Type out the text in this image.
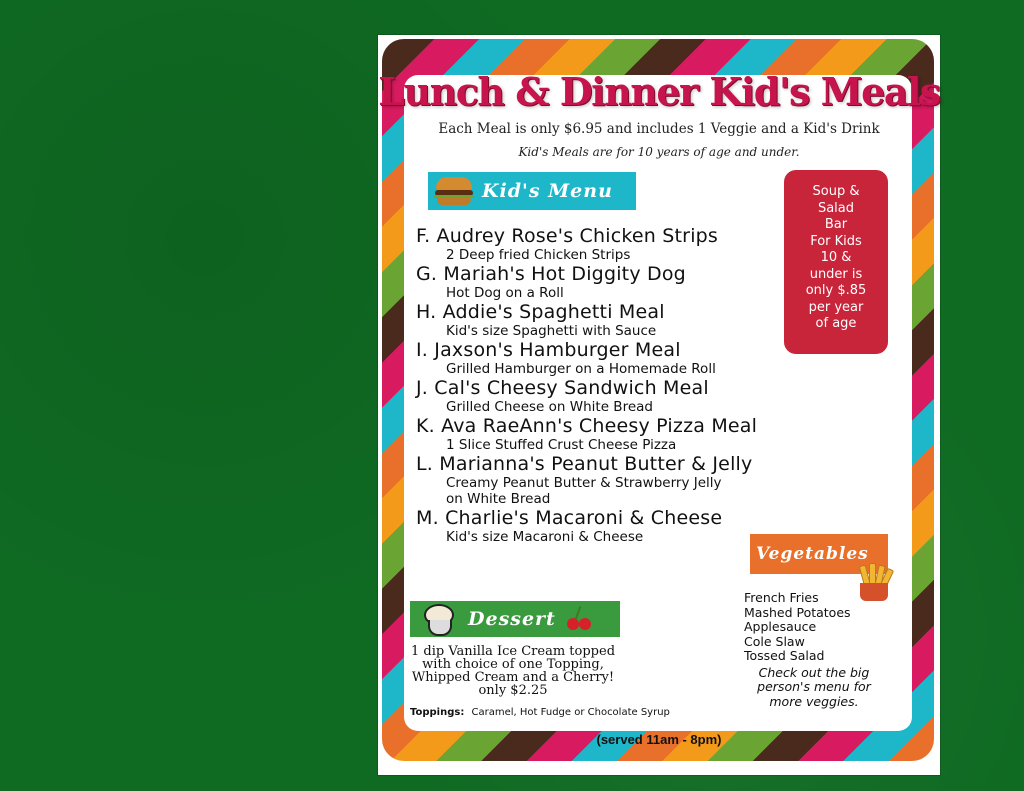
Lunch & Dinner Kid's Meals
Each Meal is only $6.95 and includes 1 Veggie and a Kid's Drink
Kid's Meals are for 10 years of age and under.
Kid's Menu	Soup &
Salad
Bar
For Kids
10 &
under is
only $.85
per year
of age
F. Audrey Rose's Chicken Strips
2 Deep fried Chicken Strips
G. Mariah's Hot Diggity Dog
Hot Dog on a Roll
H. Addie's Spaghetti Meal
Kid's size Spaghetti with Sauce
I. Jaxson's Hamburger Meal
Grilled Hamburger on a Homemade Roll
J. Cal's Cheesy Sandwich Meal
Grilled Cheese on White Bread
K. Ava RaeAnn's Cheesy Pizza Meal
1 Slice Stuffed Crust Cheese Pizza
L. Marianna's Peanut Butter & Jelly
Creamy Peanut Butter & Strawberry Jelly
on White Bread
M. Charlie's Macaroni & Cheese
Kid's size Macaroni & Cheese
Vegetables
French Fries
Mashed Potatoes
Applesauce
Cole Slaw
Tossed Salad
Check out the big person's menu for more veggies.
Dessert
1 dip Vanilla Ice Cream topped with choice of one Topping, Whipped Cream and a Cherry! only $2.25
Toppings: Caramel, Hot Fudge or Chocolate Syrup
(served 11am - 8pm)
